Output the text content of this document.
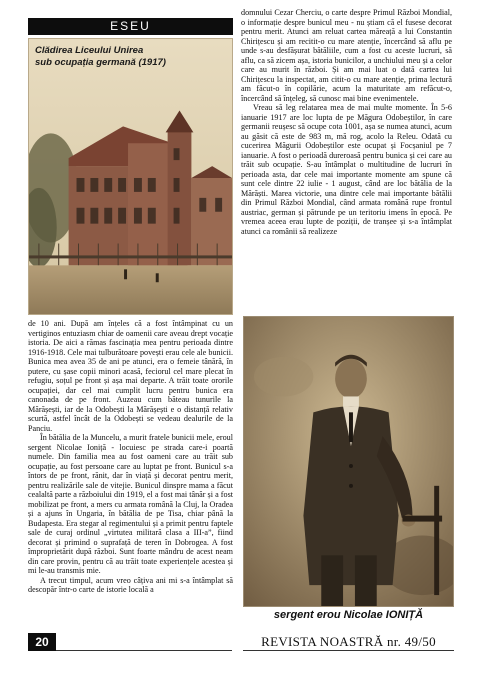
ESEU
Clădirea Liceului Unirea
sub ocupația germană (1917)

domnului Cezar Cherciu, o carte despre Primul Război Mondial, o informație despre bunicul meu - nu știam că el fusese decorat pentru merit. Atunci am reluat cartea măreață a lui Constantin Chirițescu și am recitit-o cu mare atenție, încercând să aflu pe unde s-au desfășurat bătăliile, cum a fost cu aceste lucruri, să aflu, ca să zicem așa, istoria bunicilor, a unchiului meu și a celor care au murit în război. Și am mai luat o dată cartea lui Chirițescu la inspectat, am citit-o cu mare atenție, prima lectură am făcut-o în copilărie, acum la maturitate am refăcut-o, încercând să înțeleg, să cunosc mai bine evenimentele.

Vreau să leg relatarea mea de mai multe momente. În 5-6 ianuarie 1917 are loc lupta de pe Măgura Odobeștilor, în care germanii reușesc să ocupe cota 1001, așa se numea atunci, acum au găsit că este de 983 m, mă rog, acolo la Releu. Odată cu cucerirea Măgurii Odobeștilor este ocupat și Focșaniul pe 7 ianuarie. A fost o perioadă dureroasă pentru bunica și cei care au trăit sub ocupație. S-au întâmplat o multitudine de lucruri în perioada asta, dar cele mai importante momente am spune că sunt cele dintre 22 iulie - 1 august, când are loc bătălia de la Mărăști. Marea victorie, una dintre cele mai importante bătălii din Primul Război Mondial, când armata română rupe frontul austriac, german și pătrunde pe un teritoriu imens în epocă. Pe vremea aceea erau lupte de poziții, de tranșee și s-a întâmplat atunci ca românii să realizeze

de 10 ani. După am înțeles că a fost întâmpinat cu un vertiginos entuziasm chiar de oamenii care aveau drept vocație istoria. De aici a rămas fascinația mea pentru perioada dintre 1916-1918. Cele mai tulburătoare povești erau cele ale bunicii. Bunica mea avea 35 de ani pe atunci, era o femeie tânără, în putere, cu șase copii minori acasă, feciorul cel mare plecat în refugiu, soțul pe front și așa mai departe. A trăit toate ororile ocupației, dar cel mai cumplit lucru pentru bunica era canonada de pe front. Auzeau cum băteau tunurile la Mărășești, iar de la Odobești la Mărășești e o distanță relativ scurtă, astfel încât de la Odobești se vedeau dealurile de la Panciu.

În bătălia de la Muncelu, a murit fratele bunicii mele, eroul sergent Nicolae Ioniță - locuiesc pe strada care-i poartă numele. Din familia mea au fost oameni care au trăit sub ocupație, au fost persoane care au luptat pe front. Bunicul s-a întors de pe front, rănit, dar în viață și decorat pentru merit, pentru realizările sale de vitejie. Bunicul dinspre mama a făcut cealaltă parte a războiului din 1919, el a fost mai tânăr și a fost mobilizat pe front, a mers cu armata română la Cluj, la Oradea și a ajuns în Ungaria, în bătălia de pe Tisa, chiar până la Budapesta. Era stegar al regimentului și a primit pentru faptele sale de curaj ordinul „virtutea militară clasa a III-a”, fiind decorat și primind o suprafață de teren în Dobrogea. A fost împroprietărit după război. Sunt foarte mândru de acest neam din care provin, pentru că au trăit toate experiențele acestea și mi le-au transmis mie.

A trecut timpul, acum vreo câțiva ani mi s-a întâmplat să descopăr într-o carte de istorie locală a

sergent erou Nicolae IONIȚĂ
20	REVISTA NOASTRĂ nr. 49/50
